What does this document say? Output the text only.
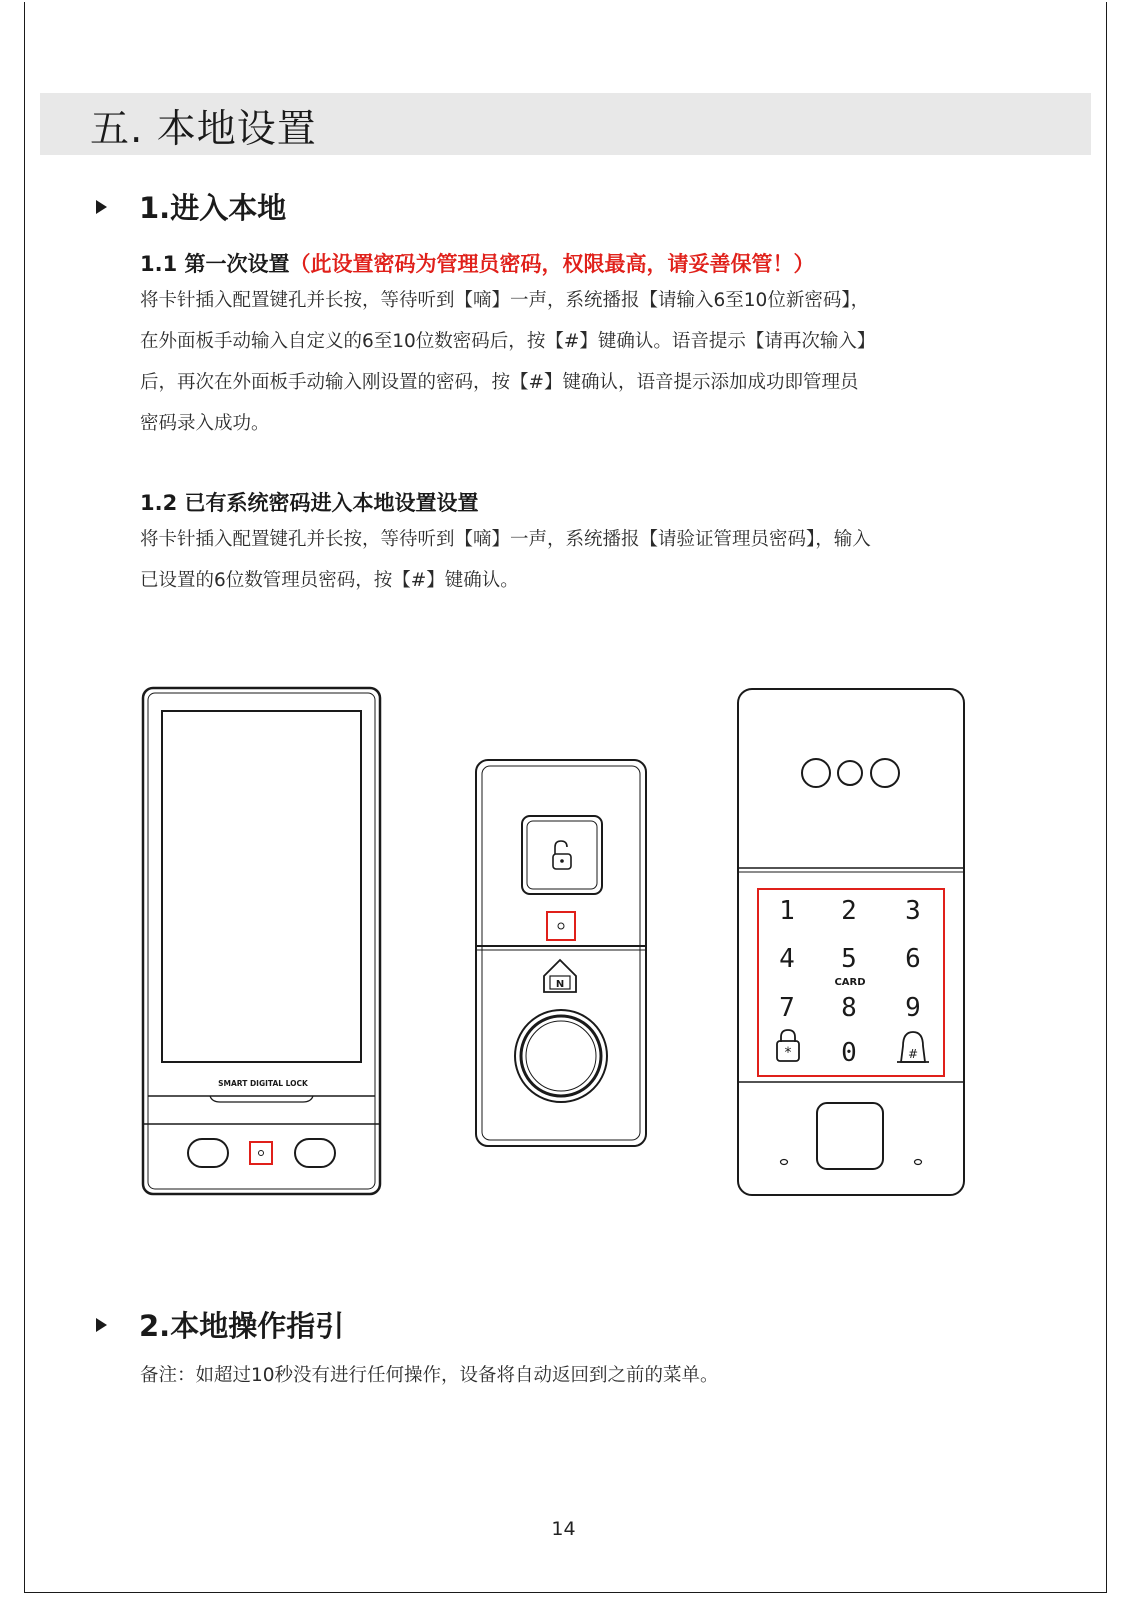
五. 本地设置
1.进入本地
1.1 第一次设置（此设置密码为管理员密码，权限最高，请妥善保管！）
将卡针插入配置键孔并长按，等待听到【嘀】一声，系统播报【请输入6至10位新密码】，
在外面板手动输入自定义的6至10位数密码后，按【#】键确认。语音提示【请再次输入】
后，再次在外面板手动输入刚设置的密码，按【#】键确认，语音提示添加成功即管理员
密码录入成功。
1.2 已有系统密码进入本地设置设置
将卡针插入配置键孔并长按，等待听到【嘀】一声，系统播报【请验证管理员密码】，输入
已设置的6位数管理员密码，按【#】键确认。
SMART DIGITAL LOCK
N
1 2 3
4 5 6
7 8 9
0
CARD
*	#
2.本地操作指引
备注：如超过10秒没有进行任何操作，设备将自动返回到之前的菜单。
14
